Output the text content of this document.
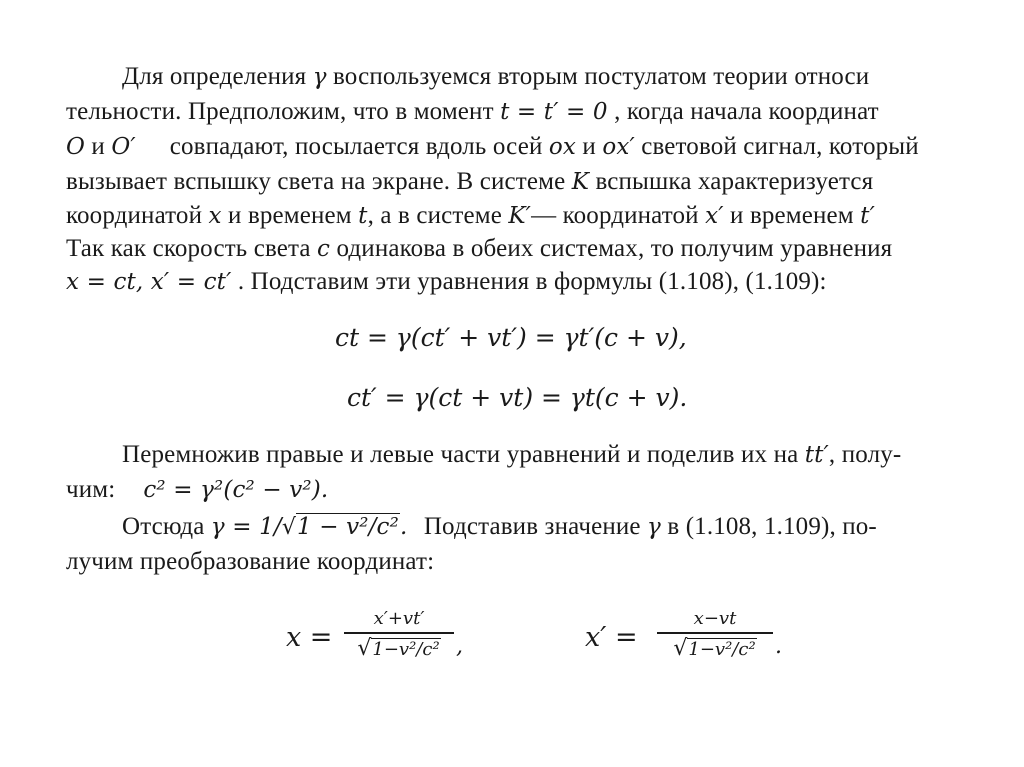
Для определения γ воспользуемся вторым постулатом теории относи
тельности. Предположим, что в момент t = t′ = 0 , когда начала координат
O и O′ совпадают, посылается вдоль осей ox и ox′ световой сигнал, который
вызывает вспышку света на экране. В системе K вспышка характеризуется
координатой x и временем t, а в системе K′— координатой x′ и временем t′
Так как скорость света c одинакова в обеих системах, то получим уравнения
x = ct, x′ = ct′ . Подставим эти уравнения в формулы (1.108), (1.109):
ct = γ(ct′ + vt′) = γt′(c + v),
ct′ = γ(ct + vt) = γt(c + v).
Перемножив правые и левые части уравнений и поделив их на tt′, полу-
чим: c² = γ²(c² − v²).
Отсюда γ = 1/√1 − v²/c². Подставив значение γ в (1.108, 1.109), по-
лучим преобразование координат:
x =
x′+vt′
√1−v²/c² ,	x′ =
x−vt
√1−v²/c² .
